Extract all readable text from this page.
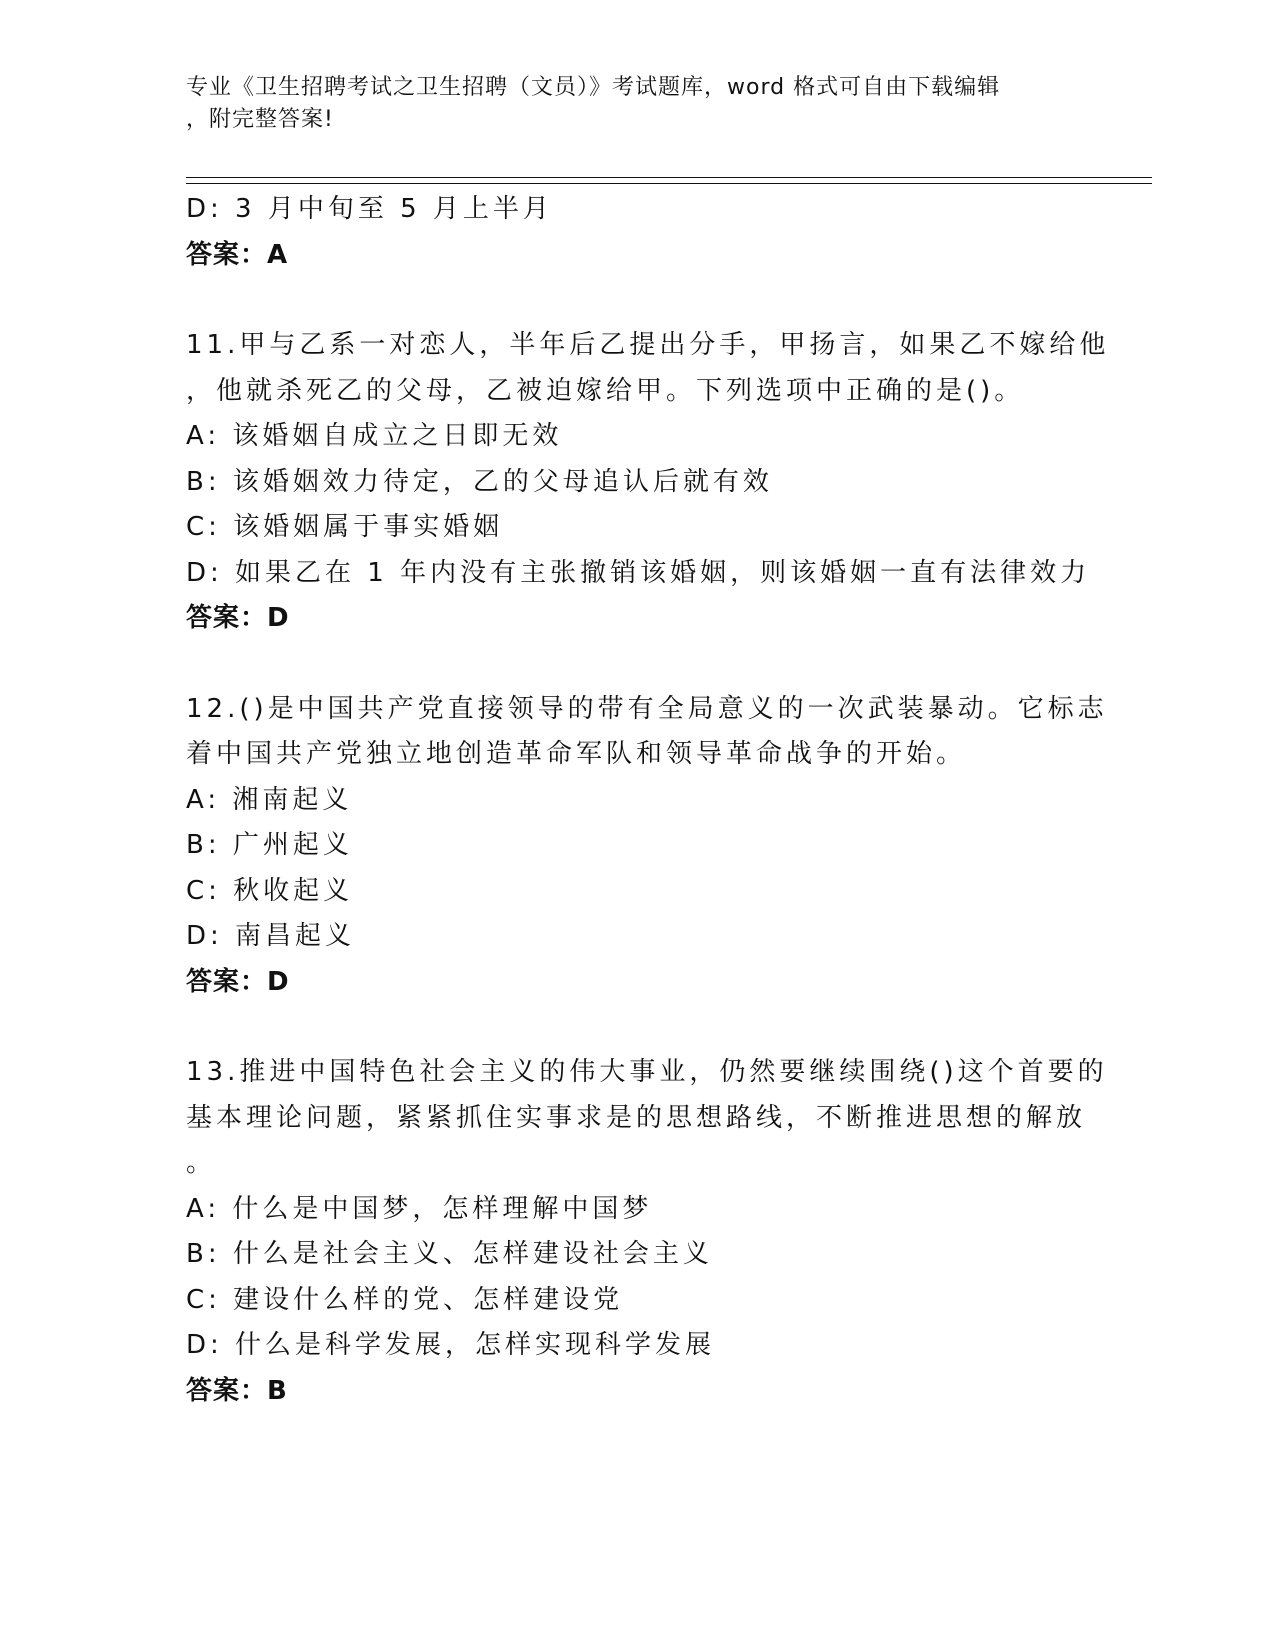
专业《卫生招聘考试之卫生招聘（文员）》考试题库，word 格式可自由下载编辑
，附完整答案!
D: 3 月中旬至 5 月上半月
答案：A
11.甲与乙系一对恋人，半年后乙提出分手，甲扬言，如果乙不嫁给他
，他就杀死乙的父母，乙被迫嫁给甲。下列选项中正确的是()。
A: 该婚姻自成立之日即无效
B: 该婚姻效力待定，乙的父母追认后就有效
C: 该婚姻属于事实婚姻
D: 如果乙在 1 年内没有主张撤销该婚姻，则该婚姻一直有法律效力
答案：D
12.()是中国共产党直接领导的带有全局意义的一次武装暴动。它标志
着中国共产党独立地创造革命军队和领导革命战争的开始。
A: 湘南起义
B: 广州起义
C: 秋收起义
D: 南昌起义
答案：D
13.推进中国特色社会主义的伟大事业，仍然要继续围绕()这个首要的
基本理论问题，紧紧抓住实事求是的思想路线，不断推进思想的解放
。
A: 什么是中国梦，怎样理解中国梦
B: 什么是社会主义、怎样建设社会主义
C: 建设什么样的党、怎样建设党
D: 什么是科学发展，怎样实现科学发展
答案：B
